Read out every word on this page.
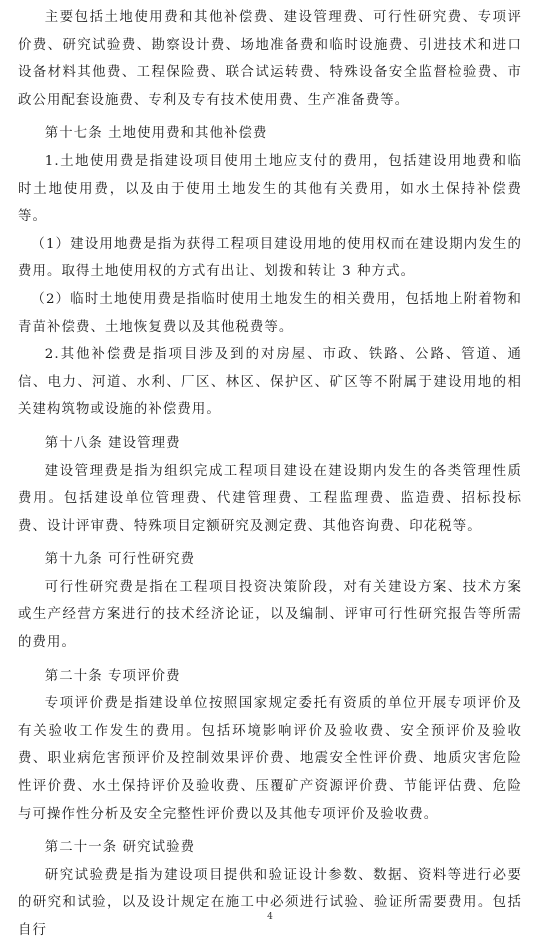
主要包括土地使用费和其他补偿费、建设管理费、可行性研究费、专项评价费、研究试验费、勘察设计费、场地准备费和临时设施费、引进技术和进口设备材料其他费、工程保险费、联合试运转费、特殊设备安全监督检验费、市政公用配套设施费、专利及专有技术使用费、生产准备费等。

第十七条 土地使用费和其他补偿费

1.土地使用费是指建设项目使用土地应支付的费用，包括建设用地费和临时土地使用费，以及由于使用土地发生的其他有关费用，如水土保持补偿费等。

（1）建设用地费是指为获得工程项目建设用地的使用权而在建设期内发生的费用。取得土地使用权的方式有出让、划拨和转让 3 种方式。

（2）临时土地使用费是指临时使用土地发生的相关费用，包括地上附着物和青苗补偿费、土地恢复费以及其他税费等。

2.其他补偿费是指项目涉及到的对房屋、市政、铁路、公路、管道、通信、电力、河道、水利、厂区、林区、保护区、矿区等不附属于建设用地的相关建构筑物或设施的补偿费用。

第十八条 建设管理费

建设管理费是指为组织完成工程项目建设在建设期内发生的各类管理性质费用。包括建设单位管理费、代建管理费、工程监理费、监造费、招标投标费、设计评审费、特殊项目定额研究及测定费、其他咨询费、印花税等。

第十九条 可行性研究费

可行性研究费是指在工程项目投资决策阶段，对有关建设方案、技术方案或生产经营方案进行的技术经济论证，以及编制、评审可行性研究报告等所需的费用。

第二十条 专项评价费

专项评价费是指建设单位按照国家规定委托有资质的单位开展专项评价及有关验收工作发生的费用。包括环境影响评价及验收费、安全预评价及验收费、职业病危害预评价及控制效果评价费、地震安全性评价费、地质灾害危险性评价费、水土保持评价及验收费、压覆矿产资源评价费、节能评估费、危险与可操作性分析及安全完整性评价费以及其他专项评价及验收费。

第二十一条 研究试验费

研究试验费是指为建设项目提供和验证设计参数、数据、资料等进行必要的研究和试验，以及设计规定在施工中必须进行试验、验证所需要费用。包括自行

4
